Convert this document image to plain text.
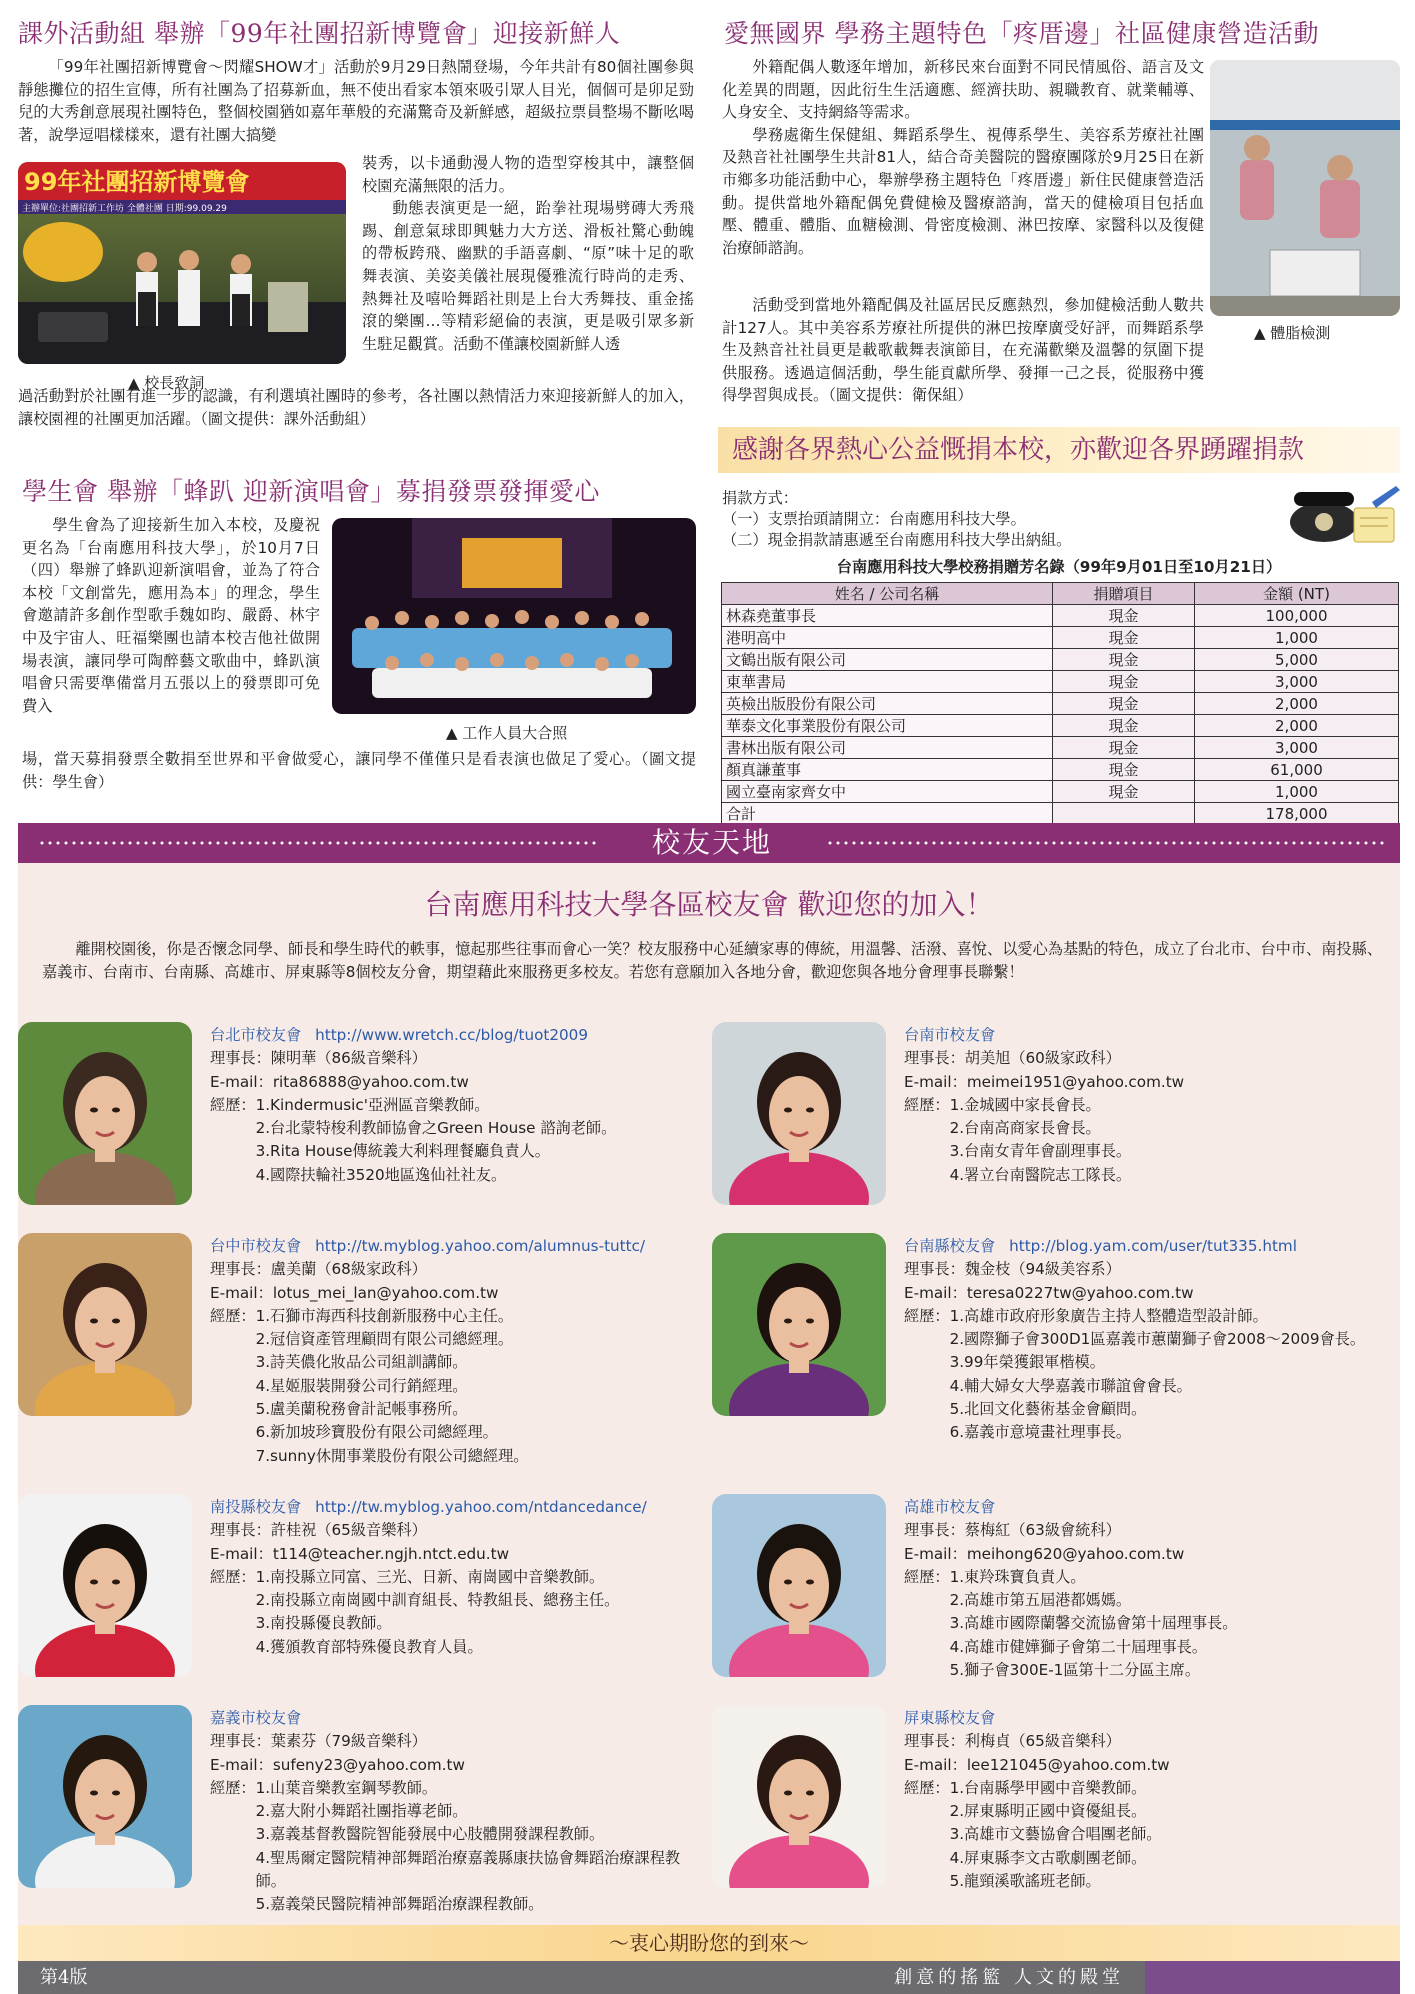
課外活動組 舉辦「99年社團招新博覽會」迎接新鮮人

「99年社團招新博覽會～閃耀SHOW才」活動於9月29日熱鬧登場，今年共計有80個社團參與靜態攤位的招生宣傳，所有社團為了招募新血，無不使出看家本領來吸引眾人目光，個個可是卯足勁兒的大秀創意展現社團特色，整個校園猶如嘉年華般的充滿驚奇及新鮮感，超級拉票員整場不斷吆喝著，說學逗唱樣樣來，還有社團大搞變

99年社團招新博覽會
主辦單位:社團招新工作坊 全體社團 日期:99.09.29
▲ 校長致詞

裝秀，以卡通動漫人物的造型穿梭其中，讓整個校園充滿無限的活力。

動態表演更是一絕，跆拳社現場劈磚大秀飛踢、創意氣球即興魅力大方送、滑板社驚心動魄的帶板跨飛、幽默的手語喜劇、“原”味十足的歌舞表演、美姿美儀社展現優雅流行時尚的走秀、熱舞社及嘻哈舞蹈社則是上台大秀舞技、重金搖滾的樂團…等精彩絕倫的表演，更是吸引眾多新生駐足觀賞。活動不僅讓校園新鮮人透

過活動對於社團有進一步的認識，有利選填社團時的參考，各社團以熱情活力來迎接新鮮人的加入，讓校園裡的社團更加活躍。（圖文提供：課外活動組）

愛無國界 學務主題特色「疼厝邊」社區健康營造活動

外籍配偶人數逐年增加，新移民來台面對不同民情風俗、語言及文化差異的問題，因此衍生生活適應、經濟扶助、親職教育、就業輔導、人身安全、支持網絡等需求。

學務處衛生保健組、舞蹈系學生、視傳系學生、美容系芳療社社團及熱音社社團學生共計81人，結合奇美醫院的醫療團隊於9月25日在新市鄉多功能活動中心，舉辦學務主題特色「疼厝邊」新住民健康營造活動。提供當地外籍配偶免費健檢及醫療諮詢，當天的健檢項目包括血壓、體重、體脂、血糖檢測、骨密度檢測、淋巴按摩、家醫科以及復健治療師諮詢。

▲ 體脂檢測

活動受到當地外籍配偶及社區居民反應熱烈，參加健檢活動人數共計127人。其中美容系芳療社所提供的淋巴按摩廣受好評，而舞蹈系學生及熱音社社員更是載歌載舞表演節目，在充滿歡樂及溫馨的氛圍下提供服務。透過這個活動，學生能貢獻所學、發揮一己之長，從服務中獲得學習與成長。（圖文提供：衛保組）

學生會 舉辦「蜂趴 迎新演唱會」募捐發票發揮愛心

學生會為了迎接新生加入本校，及慶祝更名為「台南應用科技大學」，於10月7日（四）舉辦了蜂趴迎新演唱會，並為了符合本校「文創當先，應用為本」的理念，學生會邀請許多創作型歌手魏如昀、嚴爵、林宇中及宇宙人、旺福樂團也請本校吉他社做開場表演，讓同學可陶醉藝文歌曲中，蜂趴演唱會只需要準備當月五張以上的發票即可免費入

▲ 工作人員大合照

場，當天募捐發票全數捐至世界和平會做愛心，讓同學不僅僅只是看表演也做足了愛心。（圖文提供：學生會）

感謝各界熱心公益慨捐本校，亦歡迎各界踴躍捐款
捐款方式：
（一）支票抬頭請開立：台南應用科技大學。
（二）現金捐款請惠遞至台南應用科技大學出納組。
台南應用科技大學校務捐贈芳名錄（99年9月01日至10月21日）
姓名 / 公司名稱	捐贈項目	金額 (NT)
林森堯董事長	現金	100,000
港明高中	現金	1,000
文鶴出版有限公司	現金	5,000
東華書局	現金	3,000
英檢出版股份有限公司	現金	2,000
華泰文化事業股份有限公司	現金	2,000
書林出版有限公司	現金	3,000
顏真謙董事	現金	61,000
國立臺南家齊女中	現金	1,000
合計		178,000
校友天地
台南應用科技大學各區校友會 歡迎您的加入！
離開校園後，你是否懷念同學、師長和學生時代的軼事，憶起那些往事而會心一笑？校友服務中心延續家專的傳統，用溫馨、活潑、喜悅、以愛心為基點的特色，成立了台北市、台中市、南投縣、嘉義市、台南市、台南縣、高雄市、屏東縣等8個校友分會，期望藉此來服務更多校友。若您有意願加入各地分會，歡迎您與各地分會理事長聯繫！
台北市校友會 http://www.wretch.cc/blog/tuot2009
理事長：陳明華（86級音樂科）
E-mail：rita86888@yahoo.com.tw
經歷： 1.Kindermusic'亞洲區音樂教師。
2.台北蒙特梭利教師協會之Green House 諮詢老師。
3.Rita House傳統義大利料理餐廳負責人。
4.國際扶輪社3520地區逸仙社社友。
台南市校友會
理事長：胡美旭（60級家政科）
E-mail：meimei1951@yahoo.com.tw
經歷： 1.金城國中家長會長。
2.台南高商家長會長。
3.台南女青年會副理事長。
4.署立台南醫院志工隊長。
台中市校友會 http://tw.myblog.yahoo.com/alumnus-tuttc/
理事長：盧美蘭（68級家政科）
E-mail：lotus_mei_lan@yahoo.com.tw
經歷： 1.石獅市海西科技創新服務中心主任。
2.冠信資產管理顧問有限公司總經理。
3.詩芙儂化妝品公司組訓講師。
4.星姬服裝開發公司行銷經理。
5.盧美蘭稅務會計記帳事務所。
6.新加坡珍寶股份有限公司總經理。
7.sunny休閒事業股份有限公司總經理。
台南縣校友會 http://blog.yam.com/user/tut335.html
理事長：魏金枝（94級美容系）
E-mail：teresa0227tw@yahoo.com.tw
經歷： 1.高雄市政府形象廣告主持人整體造型設計師。
2.國際獅子會300D1區嘉義市蕙蘭獅子會2008～2009會長。
3.99年榮獲銀軍楷模。
4.輔大婦女大學嘉義市聯誼會會長。
5.北回文化藝術基金會顧問。
6.嘉義市意境畫社理事長。
南投縣校友會 http://tw.myblog.yahoo.com/ntdancedance/
理事長：許桂祝（65級音樂科）
E-mail：t114@teacher.ngjh.ntct.edu.tw
經歷： 1.南投縣立同富、三光、日新、南崗國中音樂教師。
2.南投縣立南崗國中訓育組長、特教組長、總務主任。
3.南投縣優良教師。
4.獲頒教育部特殊優良教育人員。
高雄市校友會
理事長：蔡梅紅（63級會統科）
E-mail：meihong620@yahoo.com.tw
經歷： 1.東羚珠寶負責人。
2.高雄市第五屆港都媽媽。
3.高雄市國際蘭馨交流協會第十屆理事長。
4.高雄市健嬅獅子會第二十屆理事長。
5.獅子會300E-1區第十二分區主席。
嘉義市校友會
理事長：葉素芬（79級音樂科）
E-mail：sufeny23@yahoo.com.tw
經歷： 1.山葉音樂教室鋼琴教師。
2.嘉大附小舞蹈社團指導老師。
3.嘉義基督教醫院智能發展中心肢體開發課程教師。
4.聖馬爾定醫院精神部舞蹈治療嘉義縣康扶協會舞蹈治療課程教師。
5.嘉義榮民醫院精神部舞蹈治療課程教師。
屏東縣校友會
理事長：利梅貞（65級音樂科）
E-mail：lee121045@yahoo.com.tw
經歷： 1.台南縣學甲國中音樂教師。
2.屏東縣明正國中資優組長。
3.高雄市文藝協會合唱團老師。
4.屏東縣李文古歌劇團老師。
5.龍頸溪歌謠班老師。
～衷心期盼您的到來～
第4版	創意的搖籃 人文的殿堂
